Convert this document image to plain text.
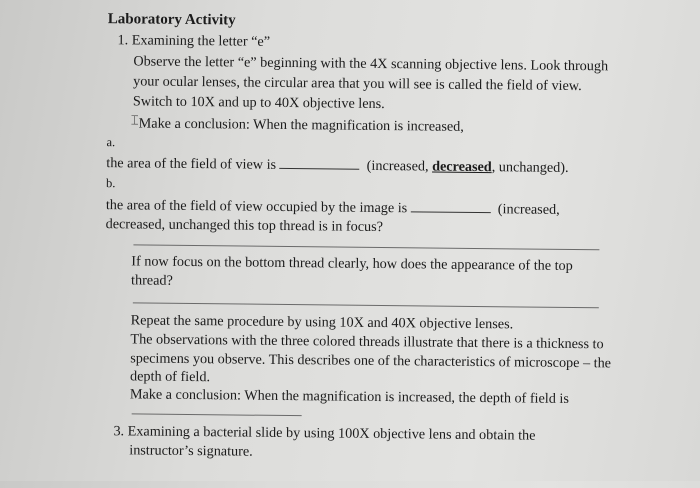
Laboratory Activity
1. Examining the letter “e”
Observe the letter “e” beginning with the 4X scanning objective lens. Look through
your ocular lenses, the circular area that you will see is called the field of view.
Switch to 10X and up to 40X objective lens.
⌶ Make a conclusion: When the magnification is increased,
a.
the area of the field of view is	(increased, decreased, unchanged).
b.
the area of the field of view occupied by the image is	(increased,
decreased, unchanged this top thread is in focus?
If now focus on the bottom thread clearly, how does the appearance of the top
thread?
Repeat the same procedure by using 10X and 40X objective lenses.
The observations with the three colored threads illustrate that there is a thickness to
specimens you observe. This describes one of the characteristics of microscope – the
depth of field.
Make a conclusion: When the magnification is increased, the depth of field is
3. Examining a bacterial slide by using 100X objective lens and obtain the
instructor’s signature.
